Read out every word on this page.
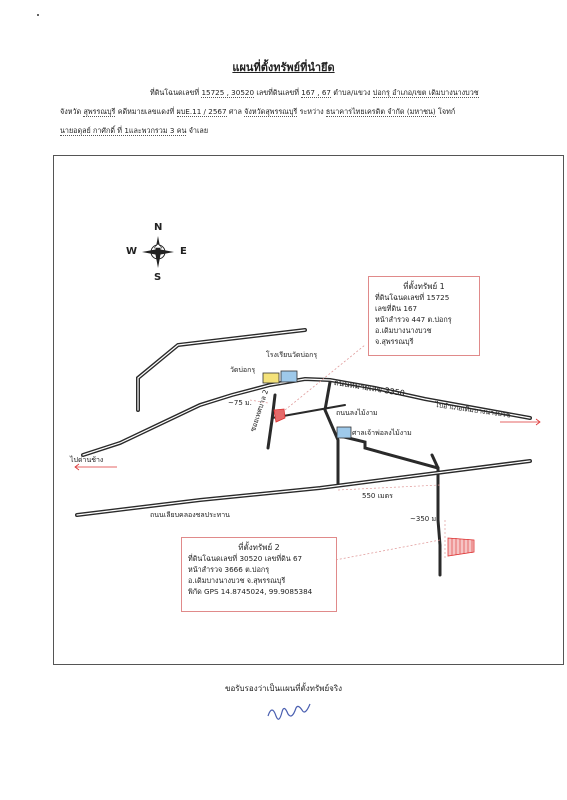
แผนที่ตั้งทรัพย์ที่นำยึด
ที่ดินโฉนดเลขที่ 15725 , 30520 เลขที่ดินเลขที่ 167 , 67 ตำบล/แขวง บ่อกรุ อำเภอ/เขต เดิมบางนางบวช
จังหวัด สุพรรณบุรี คดีหมายเลขแดงที่ ผบE.11 / 2567 ศาล จังหวัดสุพรรณบุรี ระหว่าง ธนาคารไทยเครดิต จำกัด (มหาชน) โจทก์
นายอดุลย์ กาศักดิ์ ที่ 1และพวกรวม 3 คน จำเลย
N
S
E
W
ที่ตั้งทรัพย์ 1
ที่ดินโฉนดเลขที่ 15725
เลขที่ดิน 167
หน้าสำรวจ 447 ต.บ่อกรุ
อ.เดิมบางนางบวช
จ.สุพรรณบุรี
ที่ตั้งทรัพย์ 2
ที่ดินโฉนดเลขที่ 30520 เลขที่ดิน 67
หน้าสำรวจ 3666 ต.บ่อกรุ
อ.เดิมบางนางบวช จ.สุพรรณบุรี
พิกัด GPS 14.8745024, 99.9085384
โรงเรียนวัดบ่อกรุ
วัดบ่อกรุ
~75 ม.
ซอยเทศบาล 2
ถนนหมายเลข 3350
ไปอำเภอเดิมบางนางบวช
ถนนลงไม้งาม
ศาลเจ้าพ่อลงไม้งาม
ไปด่านช้าง
550 เมตร
ถนนเลียบคลองชลประทาน	~350 ม.
ขอรับรองว่าเป็นแผนที่ตั้งทรัพย์จริง
